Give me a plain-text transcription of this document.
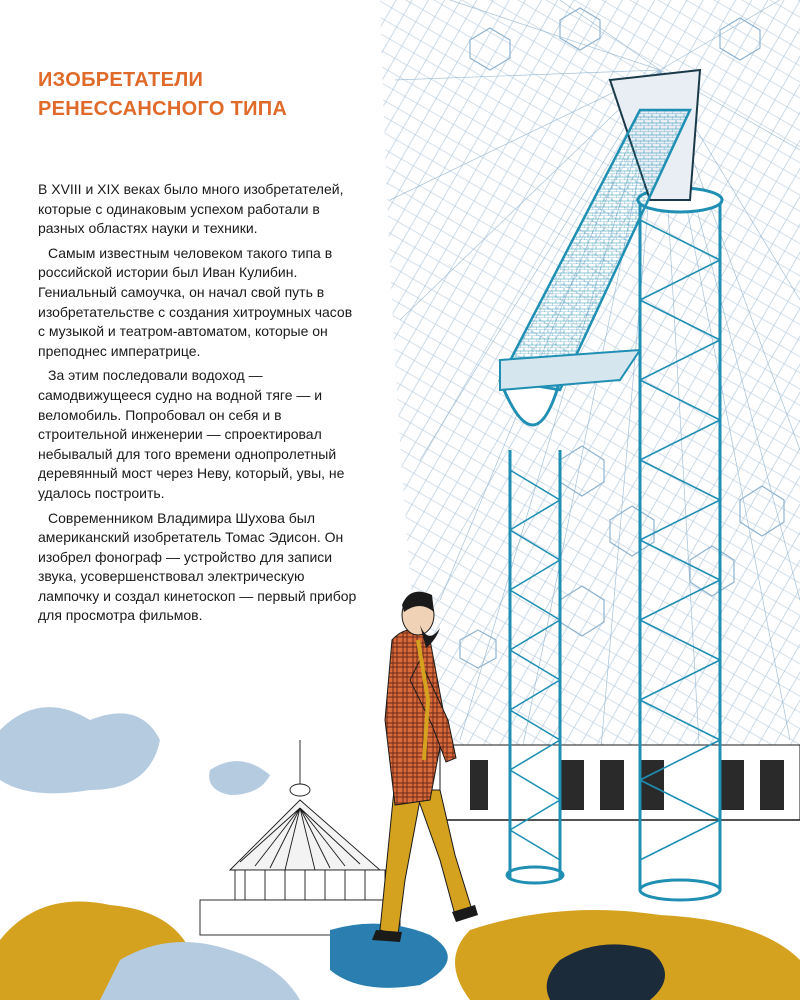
ИЗОБРЕТАТЕЛИ
РЕНЕССАНСНОГО ТИПА

В XVIII и XIX веках было много изобретателей, которые с одинаковым успехом работали в разных областях науки и техники.

Самым известным человеком такого типа в российской истории был Иван Кулибин. Гениальный самоучка, он начал свой путь в изобретательстве с создания хитроумных часов с музыкой и театром-автоматом, которые он преподнес императрице.

За этим последовали водоход — самодвижущееся судно на водной тяге — и веломобиль. Попробовал он себя и в строительной инженерии — спроектировал небывалый для того времени однопролетный деревянный мост через Неву, который, увы, не удалось построить.

Современником Владимира Шухова был американский изобретатель Томас Эдисон. Он изобрел фонограф — устройство для записи звука, усовершенствовал электрическую лампочку и создал кинетоскоп — первый прибор для просмотра фильмов.
